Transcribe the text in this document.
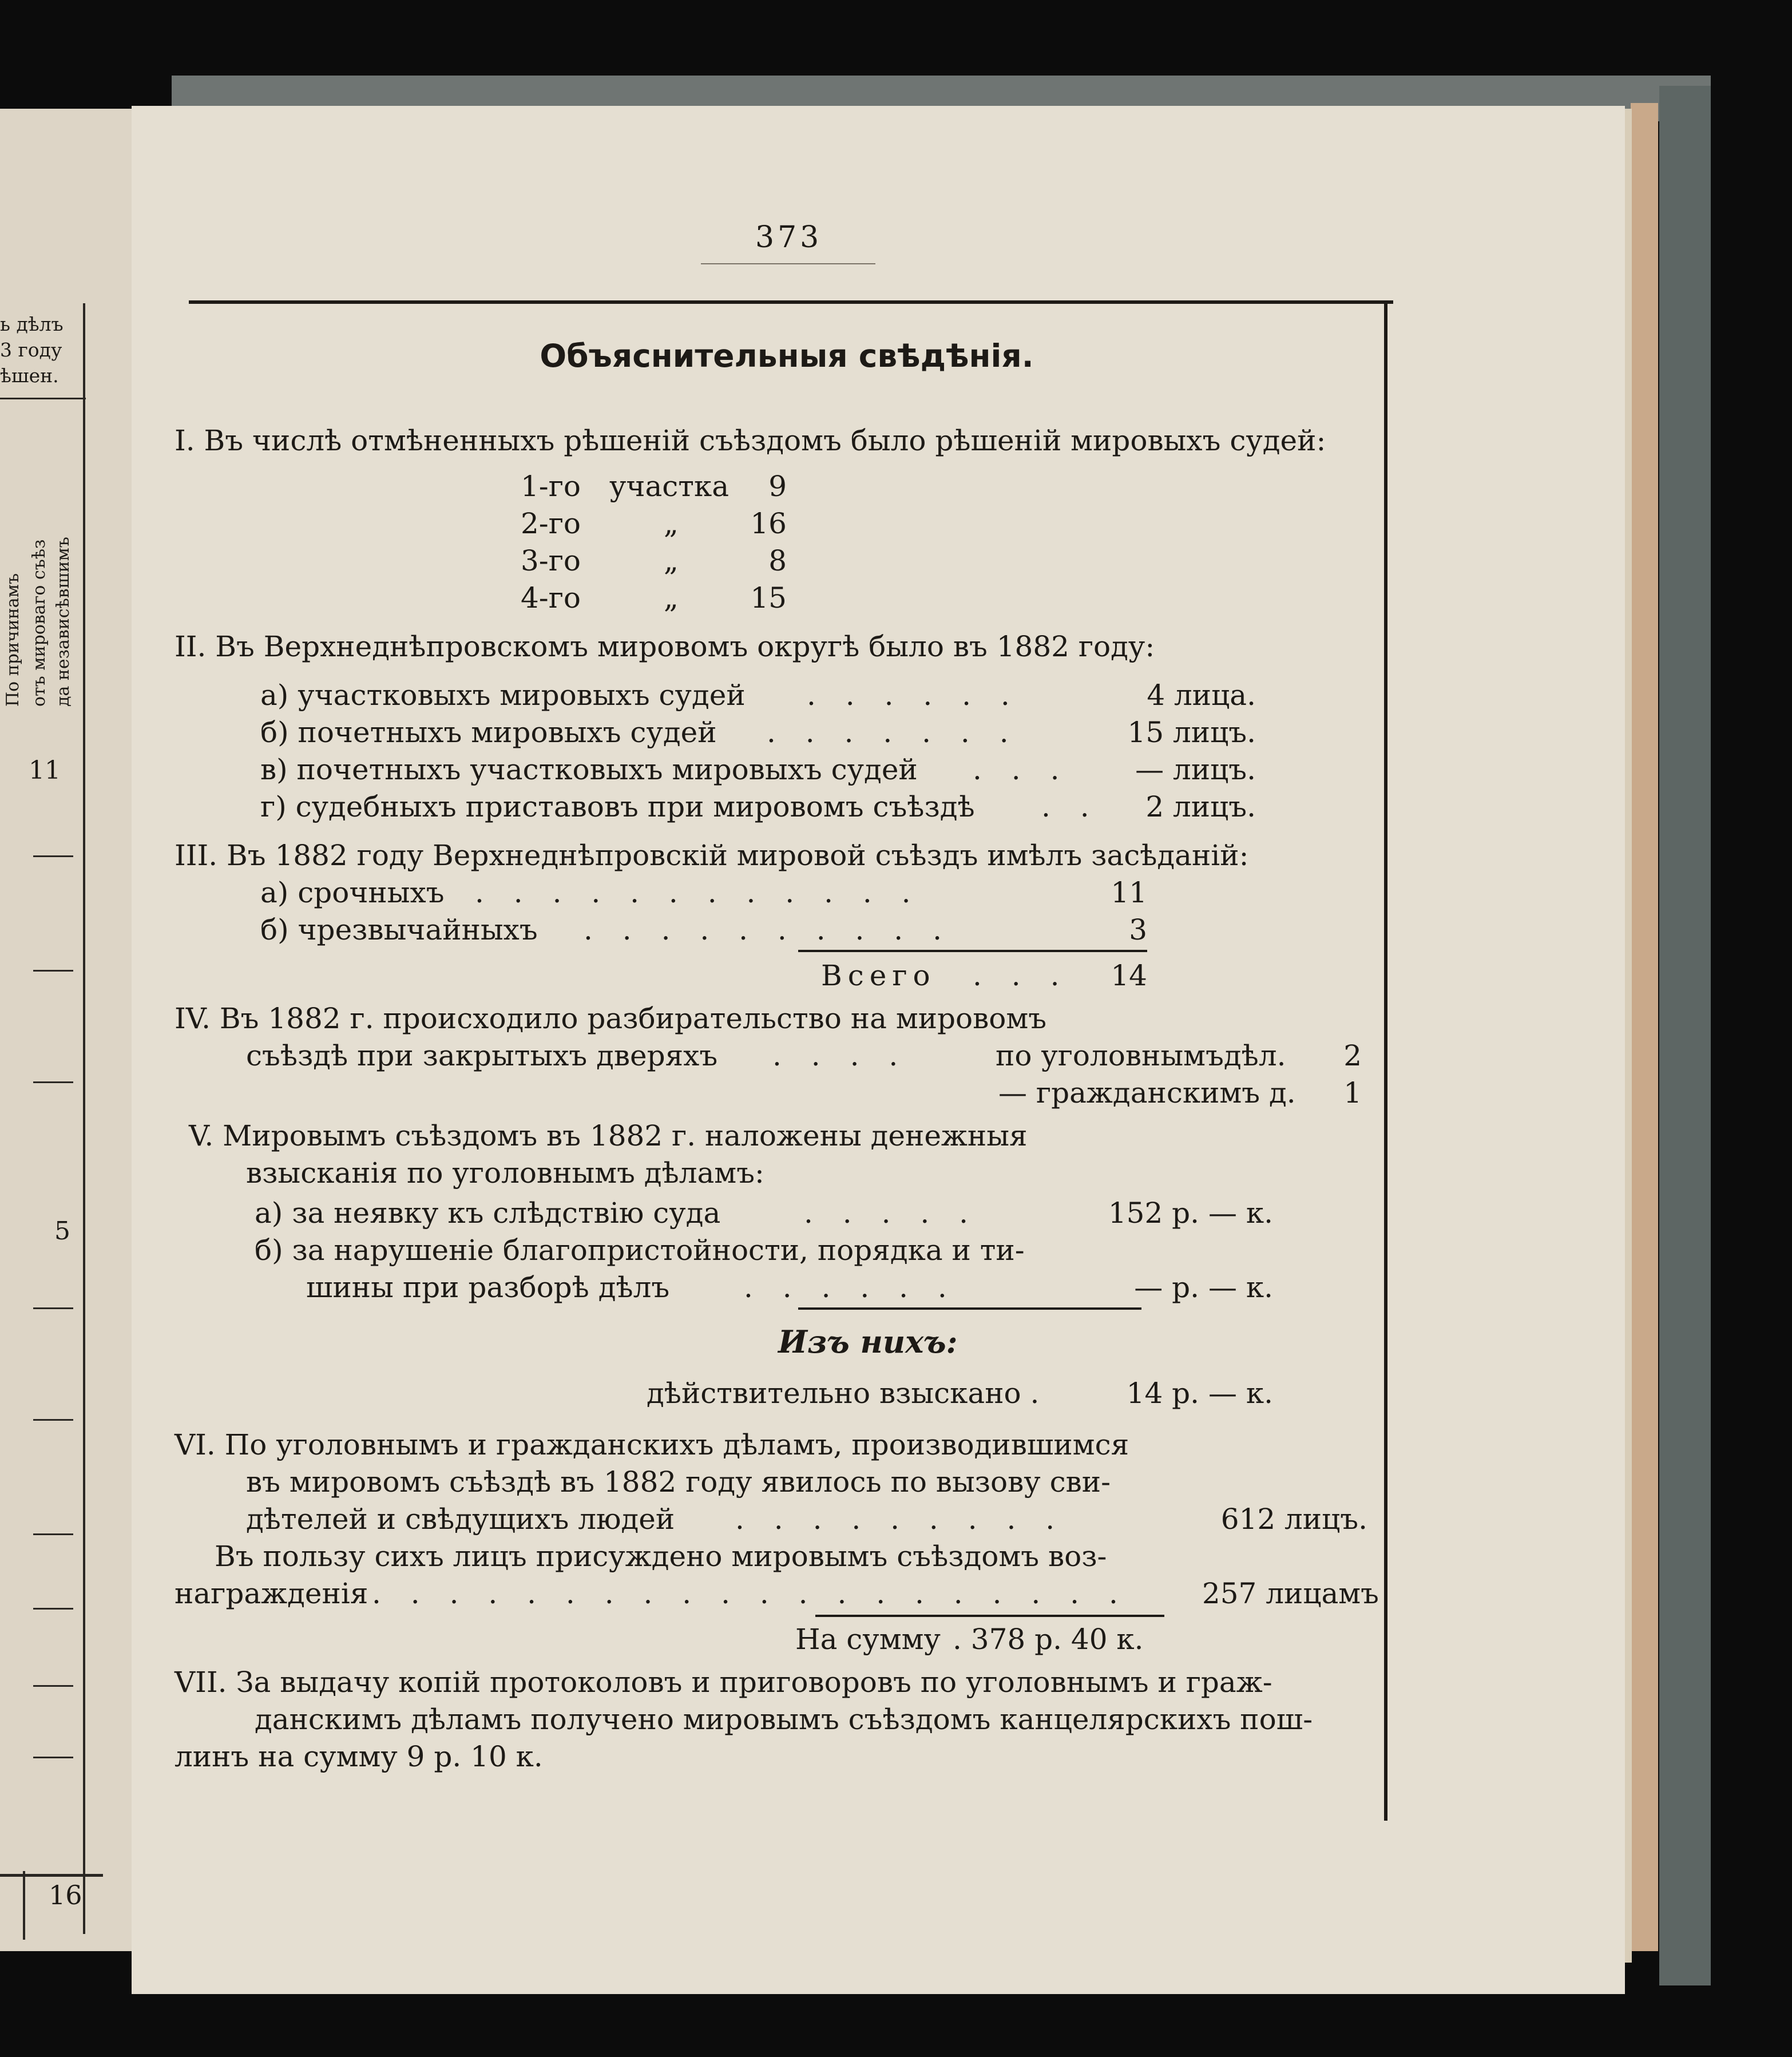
ь дѣлъ
3 году
ѣшен.
По причинамъ отъ мироваго съѣз да независѣвшимъ
11
5
16
373
Объяснительныя свѣдѣнія.
I. Въ числѣ отмѣненныхъ рѣшеній съѣздомъ было рѣшеній мировыхъ судей:
1-го участка	9
2-го	„	16
3-го	„	8
4-го	„	15
II. Въ Верхнеднѣпровскомъ мировомъ округѣ было въ 1882 году:
а) участковыхъ мировыхъ судей . . . . . .	4 лица.
б) почетныхъ мировыхъ судей . . . . . . .	15 лицъ.
в) почетныхъ участковыхъ мировыхъ судей . . .	— лицъ.
г) судебныхъ приставовъ при мировомъ съѣздѣ . .	2 лицъ.
III. Въ 1882 году Верхнеднѣпровскій мировой съѣздъ имѣлъ засѣданій:
а) срочныхъ . . . . . . . . . . . .	11
б) чрезвычайныхъ . . . . . . . . . .	3
Всего . . .	14
IV. Въ 1882 г. происходило разбирательство на мировомъ
съѣздѣ при закрытыхъ дверяхъ . . . .	по уголовнымъдѣл.	2
— гражданскимъ д.	1
V. Мировымъ съѣздомъ въ 1882 г. наложены денежныя
взысканія по уголовнымъ дѣламъ:
а) за неявку къ слѣдствію суда	. . . . .	152 р. — к.
б) за нарушеніе благопристойности, порядка и ти-
шины при разборѣ дѣлъ	. . . . . .	— р. — к.
Изъ нихъ:
дѣйствительно взыскано .	14 р. — к.
VI. По уголовнымъ и гражданскихъ дѣламъ, производившимся
въ мировомъ съѣздѣ въ 1882 году явилось по вызову сви-
дѣтелей и свѣдущихъ людей . . . . . . . . .	612 лицъ.
Въ пользу сихъ лицъ присуждено мировымъ съѣздомъ воз-
награжденія . . . . . . . . . . . . . . . . . . . .	257 лицамъ
На сумму . 378 р. 40 к.
VII. За выдачу копій протоколовъ и приговоровъ по уголовнымъ и граж-
данскимъ дѣламъ получено мировымъ съѣздомъ канцелярскихъ пош-
линъ на сумму 9 р. 10 к.
